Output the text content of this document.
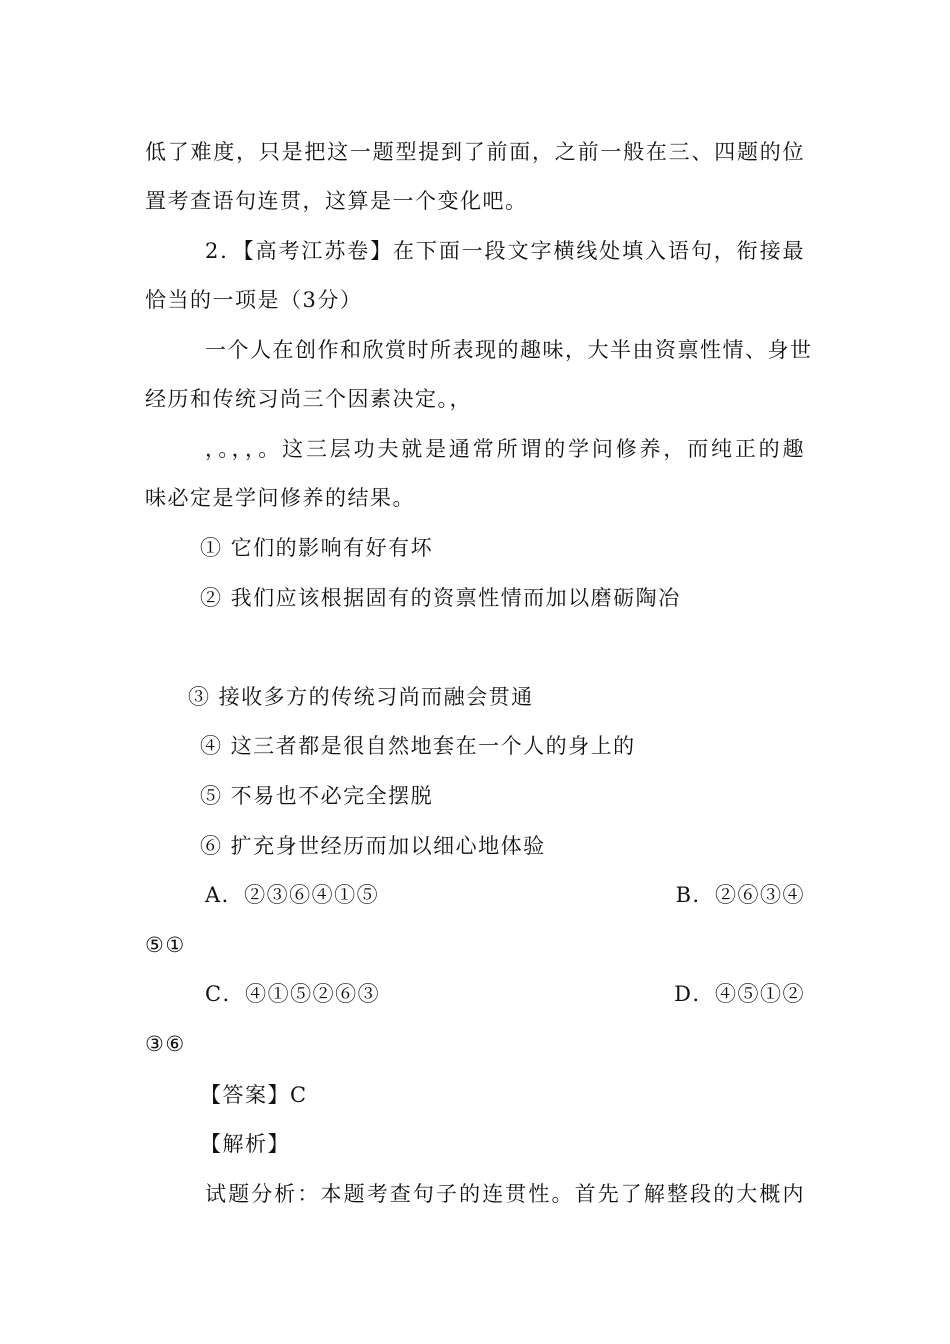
低了难度，只是把这一题型提到了前面，之前一般在三、四题的位
置考查语句连贯，这算是一个变化吧。
2．【高考江苏卷】在下面一段文字横线处填入语句，衔接最
恰当的一项是（3分）
一个人在创作和欣赏时所表现的趣味，大半由资禀性情、身世
经历和传统习尚三个因素决定。，
，。，，。这三层功夫就是通常所谓的学问修养，而纯正的趣
味必定是学问修养的结果。
① 它们的影响有好有坏
② 我们应该根据固有的资禀性情而加以磨砺陶冶
③ 接收多方的传统习尚而融会贯通
④ 这三者都是很自然地套在一个人的身上的
⑤ 不易也不必完全摆脱
⑥ 扩充身世经历而加以细心地体验
A．②③⑥④①⑤	B．②⑥③④
⑤①
C．④①⑤②⑥③	D．④⑤①②
③⑥
【答案】C
【解析】
试题分析：本题考查句子的连贯性。首先了解整段的大概内
